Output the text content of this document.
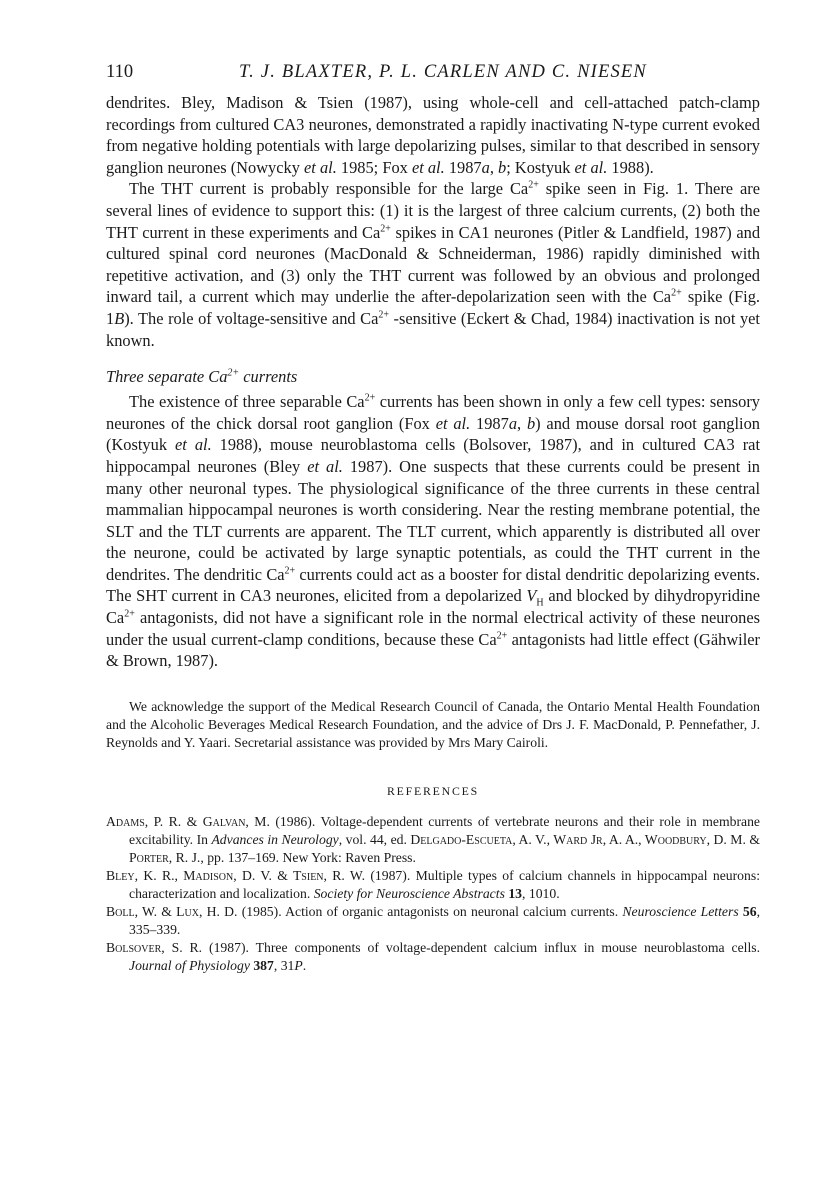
110	T. J. BLAXTER, P. L. CARLEN AND C. NIESEN

dendrites. Bley, Madison & Tsien (1987), using whole-cell and cell-attached patch-clamp recordings from cultured CA3 neurones, demonstrated a rapidly inactivating N-type current evoked from negative holding potentials with large depolarizing pulses, similar to that described in sensory ganglion neurones (Nowycky et al. 1985; Fox et al. 1987a, b; Kostyuk et al. 1988).

The THT current is probably responsible for the large $Ca^{2+}$ spike seen in Fig. 1. There are several lines of evidence to support this: (1) it is the largest of three calcium currents, (2) both the THT current in these experiments and $Ca^{2+}$ spikes in CA1 neurones (Pitler & Landfield, 1987) and cultured spinal cord neurones (MacDonald & Schneiderman, 1986) rapidly diminished with repetitive activation, and (3) only the THT current was followed by an obvious and prolonged inward tail, a current which may underlie the after-depolarization seen with the $Ca^{2+}$ spike (Fig. 1B). The role of voltage-sensitive and $Ca^{2+}$ -sensitive (Eckert & Chad, 1984) inactivation is not yet known.

Three separate $Ca^{2+}$ currents

The existence of three separable $Ca^{2+}$ currents has been shown in only a few cell types: sensory neurones of the chick dorsal root ganglion (Fox et al. 1987a, b) and mouse dorsal root ganglion (Kostyuk et al. 1988), mouse neuroblastoma cells (Bolsover, 1987), and in cultured CA3 rat hippocampal neurones (Bley et al. 1987). One suspects that these currents could be present in many other neuronal types. The physiological significance of the three currents in these central mammalian hippocampal neurones is worth considering. Near the resting membrane potential, the SLT and the TLT currents are apparent. The TLT current, which apparently is distributed all over the neurone, could be activated by large synaptic potentials, as could the THT current in the dendrites. The dendritic $Ca^{2+}$ currents could act as a booster for distal dendritic depolarizing events. The SHT current in CA3 neurones, elicited from a depolarized $V_H$ and blocked by dihydropyridine $Ca^{2+}$ antagonists, did not have a significant role in the normal electrical activity of these neurones under the usual current-clamp conditions, because these $Ca^{2+}$ antagonists had little effect (Gähwiler & Brown, 1987).

We acknowledge the support of the Medical Research Council of Canada, the Ontario Mental Health Foundation and the Alcoholic Beverages Medical Research Foundation, and the advice of Drs J. F. MacDonald, P. Pennefather, J. Reynolds and Y. Yaari. Secretarial assistance was provided by Mrs Mary Cairoli.

REFERENCES

Adams, P. R. & Galvan, M. (1986). Voltage-dependent currents of vertebrate neurons and their role in membrane excitability. In Advances in Neurology, vol. 44, ed. Delgado-Escueta, A. V., Ward Jr, A. A., Woodbury, D. M. & Porter, R. J., pp. 137–169. New York: Raven Press.

Bley, K. R., Madison, D. V. & Tsien, R. W. (1987). Multiple types of calcium channels in hippocampal neurons: characterization and localization. Society for Neuroscience Abstracts 13, 1010.

Boll, W. & Lux, H. D. (1985). Action of organic antagonists on neuronal calcium currents. Neuroscience Letters 56, 335–339.

Bolsover, S. R. (1987). Three components of voltage-dependent calcium influx in mouse neuroblastoma cells. Journal of Physiology 387, 31P.
